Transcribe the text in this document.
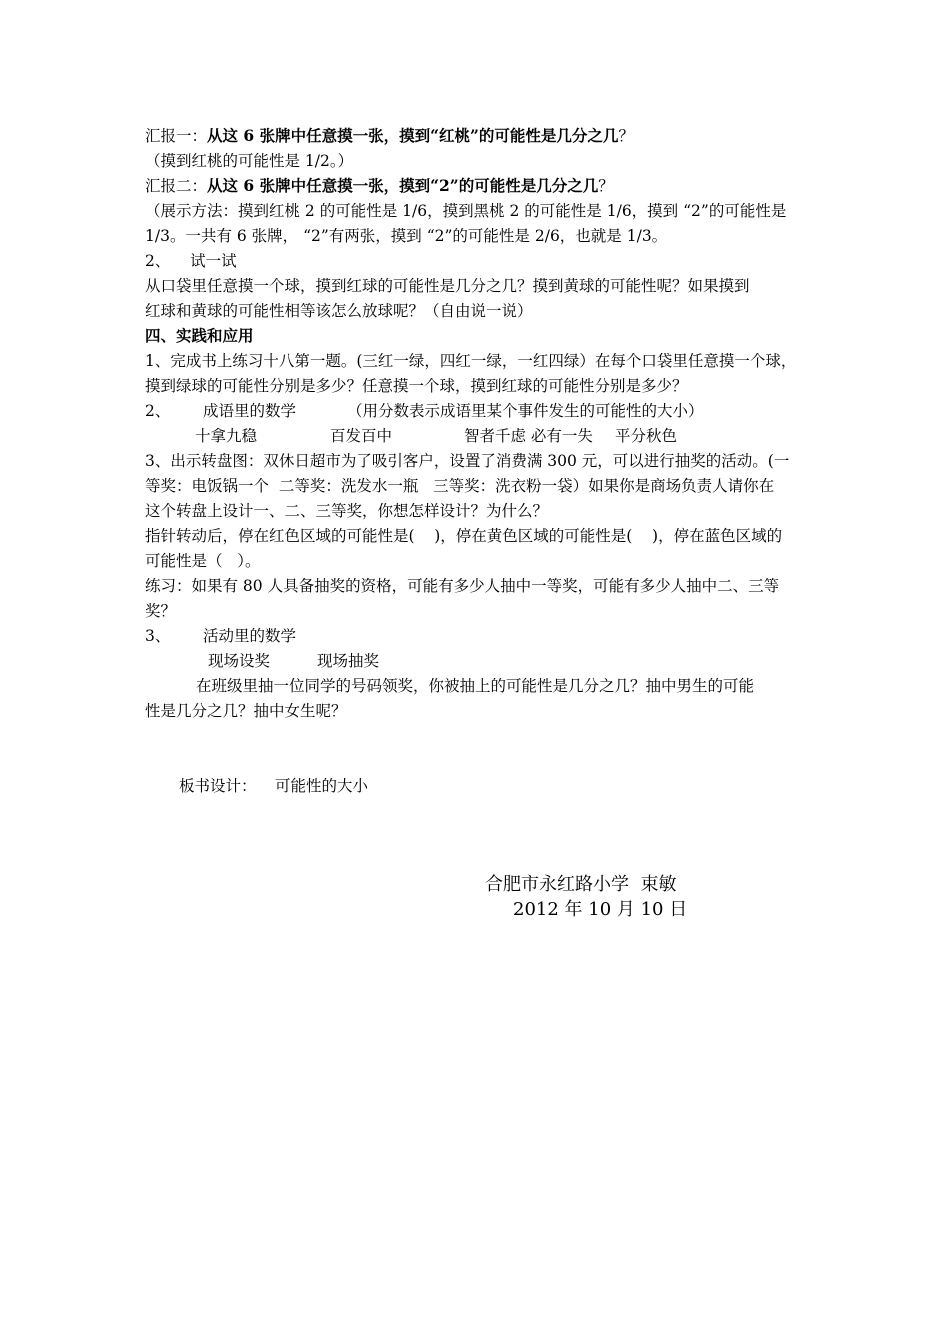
汇报一：从这 6 张牌中任意摸一张，摸到“红桃”的可能性是几分之几？
（摸到红桃的可能性是 1/2。）
汇报二：从这 6 张牌中任意摸一张，摸到“2”的可能性是几分之几？
（展示方法：摸到红桃 2 的可能性是 1/6，摸到黑桃 2 的可能性是 1/6，摸到 “2”的可能性是
1/3。一共有 6 张牌， “2”有两张，摸到 “2”的可能性是 2/6，也就是 1/3。
2、    试一试
从口袋里任意摸一个球，摸到红球的可能性是几分之几？摸到黄球的可能性呢？如果摸到
红球和黄球的可能性相等该怎么放球呢？（自由说一说）
四、实践和应用
1、完成书上练习十八第一题。(三红一绿，四红一绿，一红四绿）在每个口袋里任意摸一个球，
摸到绿球的可能性分别是多少？任意摸一个球，摸到红球的可能性分别是多少？
2、 成语里的数学	（用分数表示成语里某个事件发生的可能性的大小）
十拿九稳	百发百中	智者千虑 必有一失 平分秋色
3、出示转盘图：双休日超市为了吸引客户，设置了消费满 300 元，可以进行抽奖的活动。(一
等奖：电饭锅一个  二等奖：洗发水一瓶   三等奖：洗衣粉一袋）如果你是商场负责人请你在
这个转盘上设计一、二、三等奖，你想怎样设计？为什么？
指针转动后，停在红色区域的可能性是(    )，停在黄色区域的可能性是(    )，停在蓝色区域的
可能性是（   ）。
练习：如果有 80 人具备抽奖的资格，可能有多少人抽中一等奖，可能有多少人抽中二、三等
奖？
3、 活动里的数学
现场设奖	现场抽奖
在班级里抽一位同学的号码领奖，你被抽上的可能性是几分之几？抽中男生的可能
性是几分之几？抽中女生呢？
板书设计： 可能性的大小
合肥市永红路小学  束敏
2012 年 10 月 10 日
